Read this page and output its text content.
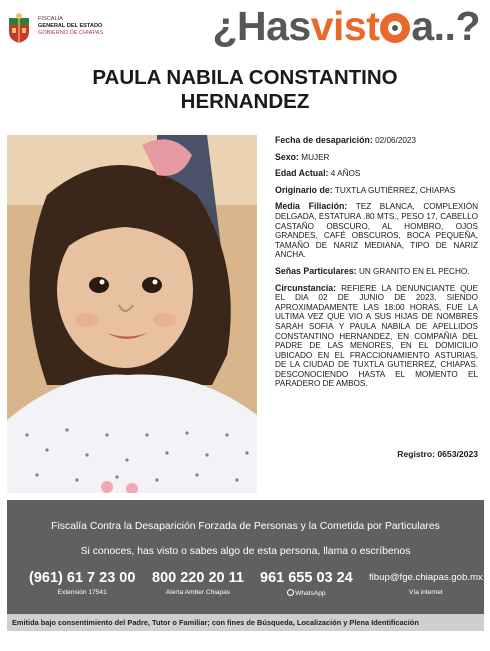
FISCALÍA
GENERAL DEL ESTADO
GOBIERNO DE CHIAPAS	¿Hasvist a..?
PAULA NABILA CONSTANTINO
HERNANDEZ
Fecha de desaparición: 02/06/2023
Sexo: MUJER
Edad Actual: 4 AÑOS
Originario de: TUXTLA GUTIÉRREZ, CHIAPAS
Media Filiación: TEZ BLANCA, COMPLEXIÓN DELGADA, ESTATURA .80 MTS., PESO 17, CABELLO CASTAÑO OBSCURO, AL HOMBRO, OJOS GRANDES, CAFÉ OBSCUROS, BOCA PEQUEÑA, TAMAÑO DE NARIZ MEDIANA, TIPO DE NARIZ ANCHA.
Señas Particulares: UN GRANITO EN EL PECHO.
Circunstancia: REFIERE LA DENUNCIANTE QUE EL DIA 02 DE JUNIO DE 2023, SIENDO APROXIMADAMENTE LAS 18:00 HORAS, FUE LA ULTIMA VEZ QUE VIO A SUS HIJAS DE NOMBRES SARAH SOFIA Y PAULA NABILA DE APELLIDOS CONSTANTINO HERNANDEZ, EN COMPAÑIA DEL PADRE DE LAS MENORES, EN EL DOMICILIO UBICADO EN EL FRACCIONAMIENTO ASTURIAS, DE LA CIUDAD DE TUXTLA GUTIERREZ, CHIAPAS. DESCONOCIENDO HASTA EL MOMENTO EL PARADERO DE AMBOS.
Registro: 0653/2023
Fiscalía Contra la Desaparición Forzada de Personas y la Cometida por Particulares
Si conoces, has visto o sabes algo de esta persona, llama o escríbenos
(961) 61 7 23 00
Extensión 17541
800 220 20 11
Alerta Amber Chiapas
961 655 03 24
WhatsApp
fibup@fge.chiapas.gob.mx
Vía internet
Emitida bajo consentimiento del Padre, Tutor o Familiar; con fines de Búsqueda, Localización y Plena Identificación
